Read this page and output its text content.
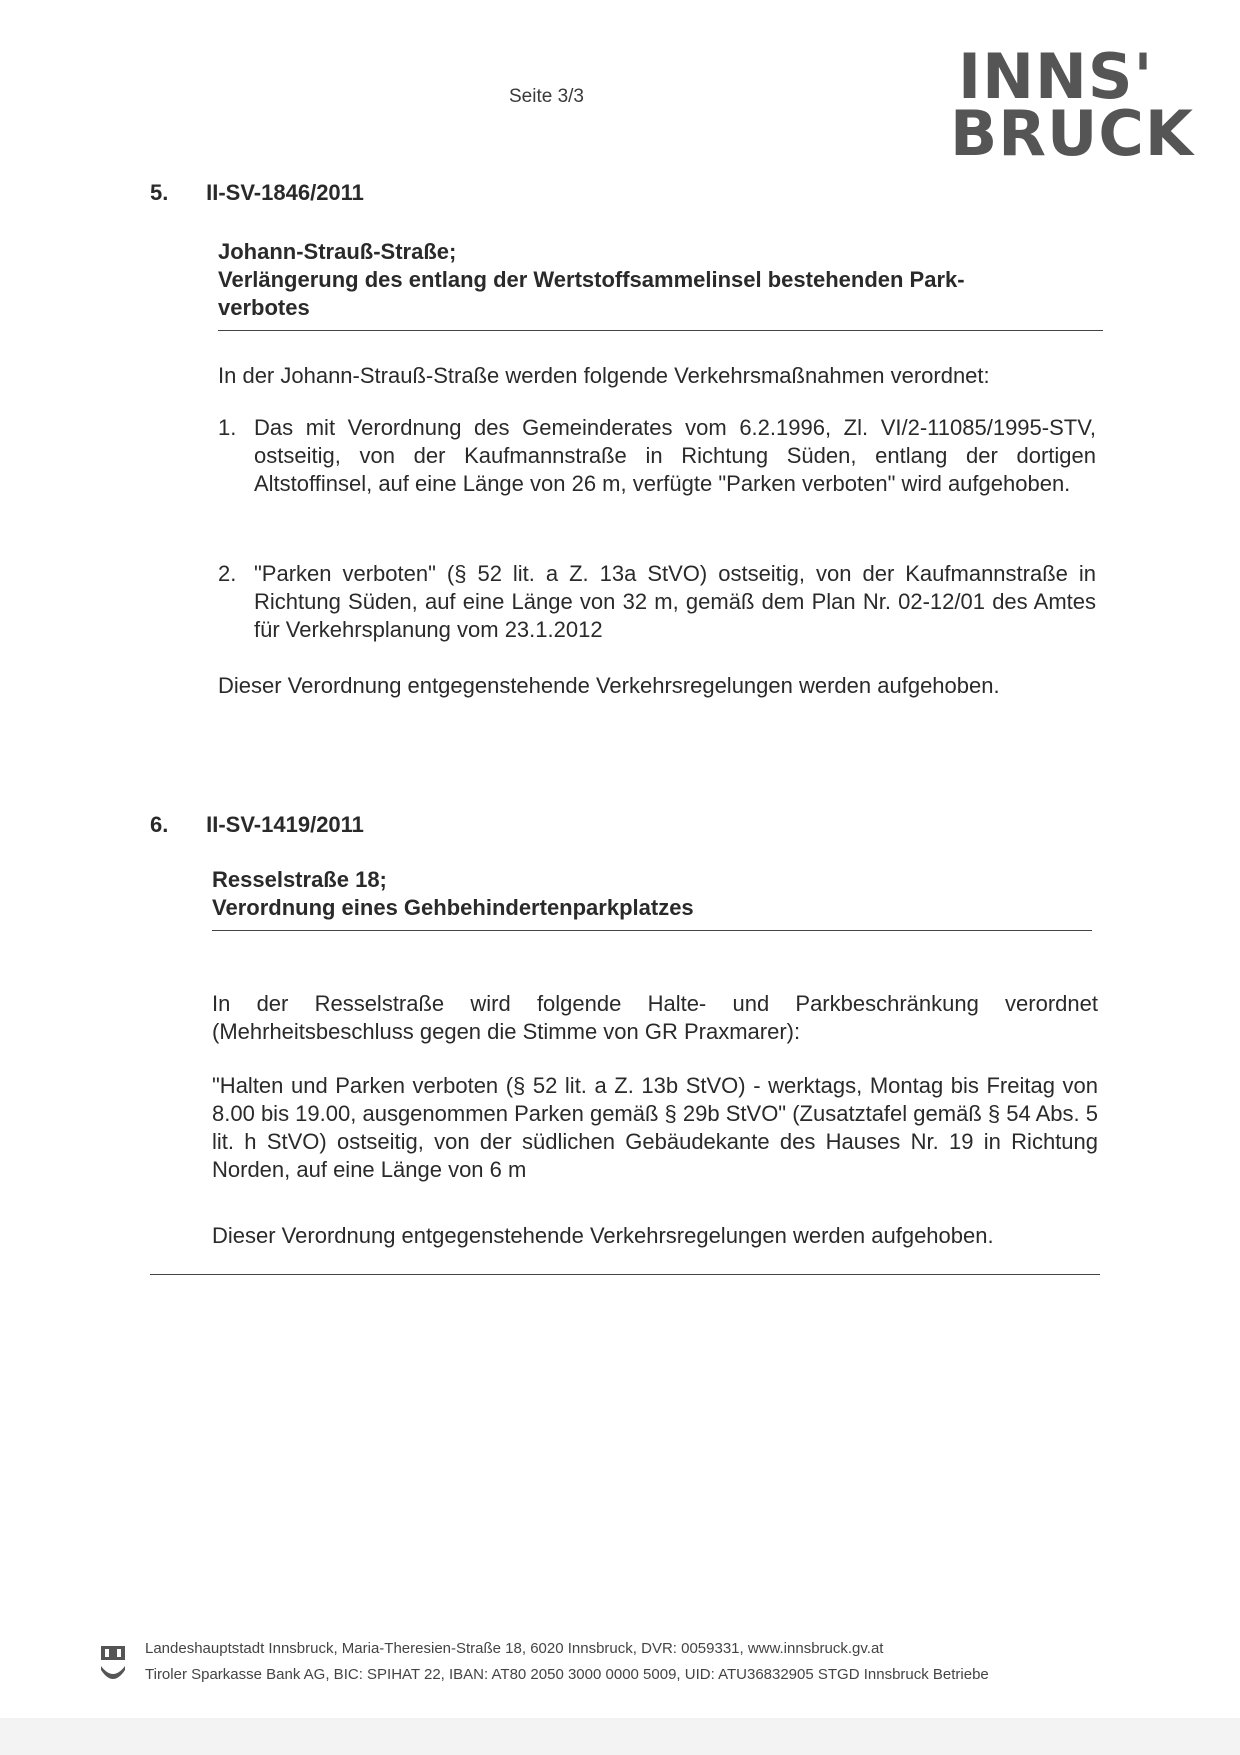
Seite 3/3	INNS'
BRUCK
5. II-SV-1846/2011
Johann-Strauß-Straße;
Verlängerung des entlang der Wertstoffsammelinsel bestehenden Park-
verbotes
In der Johann-Strauß-Straße werden folgende Verkehrsmaßnahmen verordnet:
1. Das mit Verordnung des Gemeinderates vom 6.2.1996, Zl. VI/2-11085/1995-STV, ostseitig, von der Kaufmannstraße in Richtung Süden, entlang der dortigen Altstoffinsel, auf eine Länge von 26 m, verfügte "Parken verboten" wird aufgehoben.
2. "Parken verboten" (§ 52 lit. a Z. 13a StVO) ostseitig, von der Kaufmannstraße in Richtung Süden, auf eine Länge von 32 m, gemäß dem Plan Nr. 02-12/01 des Amtes für Verkehrsplanung vom 23.1.2012
Dieser Verordnung entgegenstehende Verkehrsregelungen werden aufgehoben.
6. II-SV-1419/2011
Resselstraße 18;
Verordnung eines Gehbehindertenparkplatzes
In der Resselstraße wird folgende Halte- und Parkbeschränkung verordnet (Mehrheitsbeschluss gegen die Stimme von GR Praxmarer):
"Halten und Parken verboten (§ 52 lit. a Z. 13b StVO) - werktags, Montag bis Freitag von 8.00 bis 19.00, ausgenommen Parken gemäß § 29b StVO" (Zusatztafel gemäß § 54 Abs. 5 lit. h StVO) ostseitig, von der südlichen Gebäudekante des Hauses Nr. 19 in Richtung Norden, auf eine Länge von 6 m
Dieser Verordnung entgegenstehende Verkehrsregelungen werden aufgehoben.
Landeshauptstadt Innsbruck, Maria-Theresien-Straße 18, 6020 Innsbruck, DVR: 0059331, www.innsbruck.gv.at
Tiroler Sparkasse Bank AG, BIC: SPIHAT 22, IBAN: AT80 2050 3000 0000 5009, UID: ATU36832905 STGD Innsbruck Betriebe
